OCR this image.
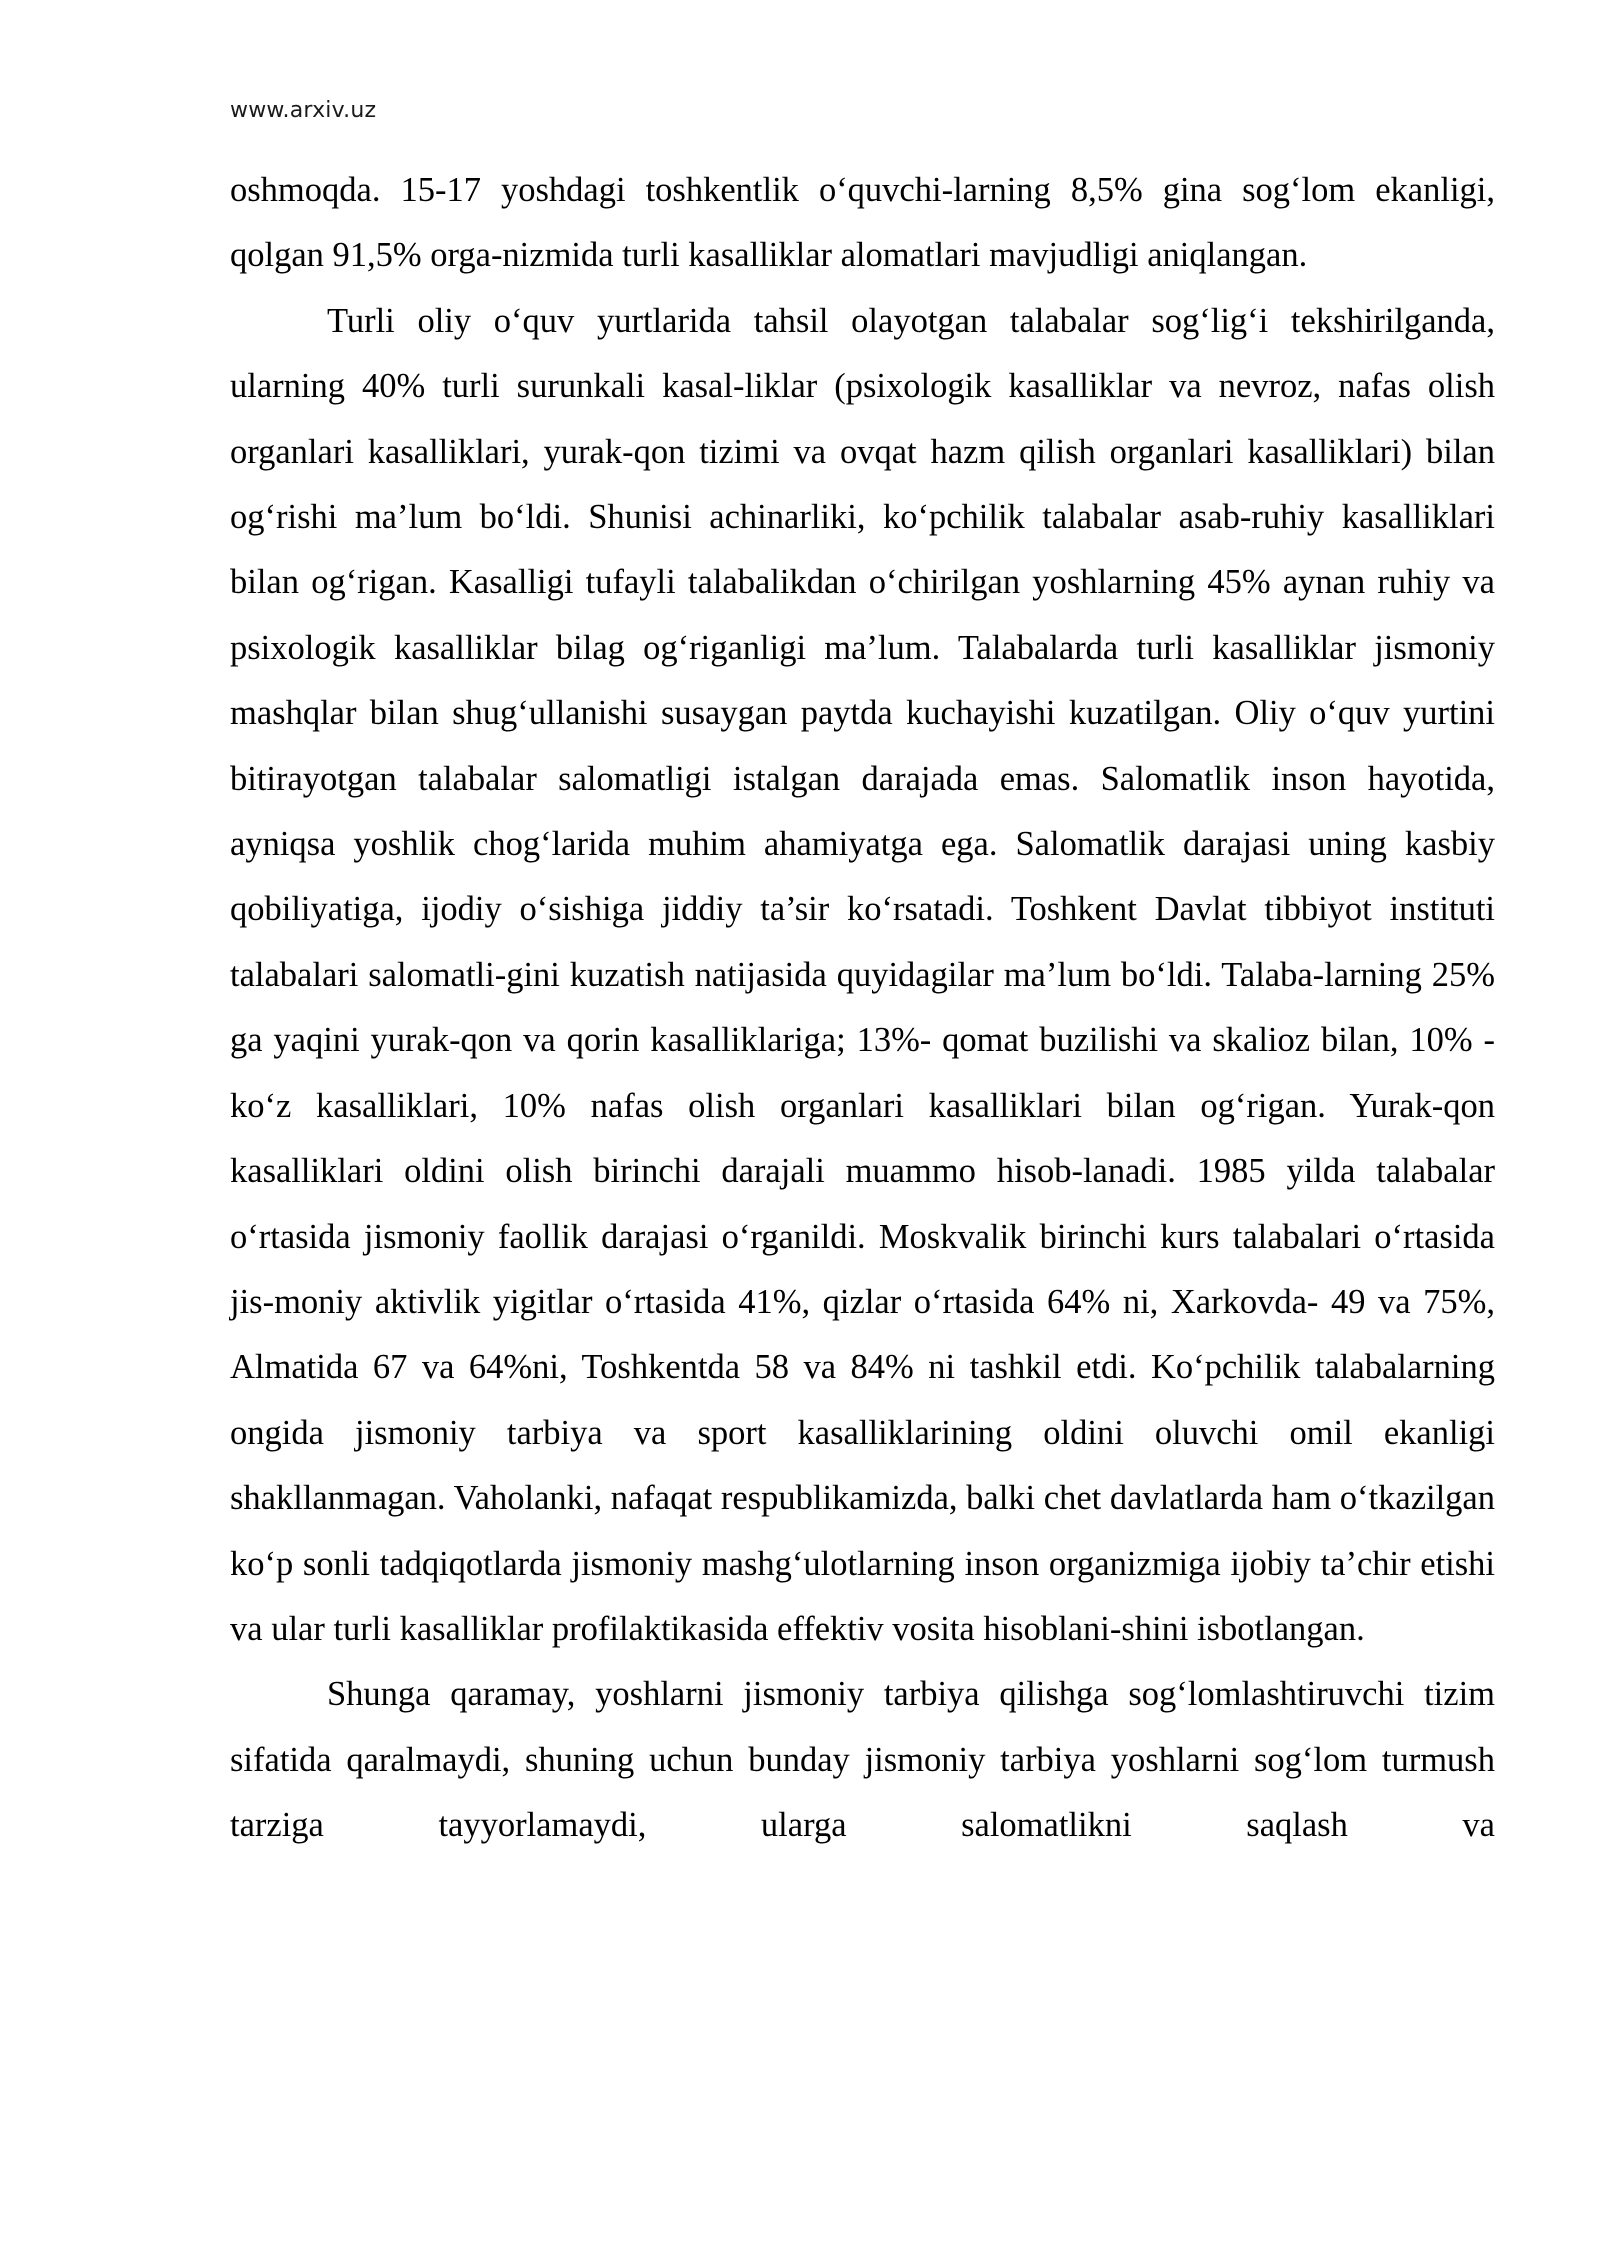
www.arxiv.uz

oshmoqda. 15-17 yoshdagi toshkentlik o‘quvchi-larning 8,5% gina sog‘lom ekanligi, qolgan 91,5% orga-nizmida turli kasalliklar alomatlari mavjudligi aniqlangan.

Turli oliy o‘quv yurtlarida tahsil olayotgan talabalar sog‘lig‘i tekshirilganda, ularning 40% turli surunkali kasal-liklar (psixologik kasalliklar va nevroz, nafas olish organlari kasalliklari, yurak-qon tizimi va ovqat hazm qilish organlari kasalliklari) bilan og‘rishi ma’lum bo‘ldi. Shunisi achinarliki, ko‘pchilik talabalar asab-ruhiy kasalliklari bilan og‘rigan. Kasalligi tufayli talabalikdan o‘chirilgan yoshlarning 45% aynan ruhiy va psixologik kasalliklar bilag og‘riganligi ma’lum. Talabalarda turli kasalliklar jismoniy mashqlar bilan shug‘ullanishi susaygan paytda kuchayishi kuzatilgan. Oliy o‘quv yurtini bitirayotgan talabalar salomatligi istalgan darajada emas. Salomatlik inson hayotida, ayniqsa yoshlik chog‘larida muhim ahamiyatga ega. Salomatlik darajasi uning kasbiy qobiliyatiga, ijodiy o‘sishiga jiddiy ta’sir ko‘rsatadi. Toshkent Davlat tibbiyot instituti talabalari salomatli-gini kuzatish natijasida quyidagilar ma’lum bo‘ldi. Talaba-larning 25% ga yaqini yurak-qon va qorin kasalliklariga; 13%- qomat buzilishi va skalioz bilan, 10% - ko‘z kasalliklari, 10% nafas olish organlari kasalliklari bilan og‘rigan. Yurak-qon kasalliklari oldini olish birinchi darajali muammo hisob-lanadi. 1985 yilda talabalar o‘rtasida jismoniy faollik darajasi o‘rganildi. Moskvalik birinchi kurs talabalari o‘rtasida jis-moniy aktivlik yigitlar o‘rtasida 41%, qizlar o‘rtasida 64% ni, Xarkovda- 49 va 75%, Almatida 67 va 64%ni, Toshkentda 58 va 84% ni tashkil etdi. Ko‘pchilik talabalarning ongida jismoniy tarbiya va sport kasalliklarining oldini oluvchi omil ekanligi shakllanmagan. Vaholanki, nafaqat respublikamizda, balki chet davlatlarda ham o‘tkazilgan ko‘p sonli tadqiqotlarda jismoniy mashg‘ulotlarning inson organizmiga ijobiy ta’chir etishi va ular turli kasalliklar profilaktikasida effektiv vosita hisoblani-shini isbotlangan.

Shunga qaramay, yoshlarni jismoniy tarbiya qilishga sog‘lomlashtiruvchi tizim sifatida qaralmaydi, shuning uchun bunday jismoniy tarbiya yoshlarni sog‘lom turmush tarziga tayyorlamaydi, ularga salomatlikni saqlash va
